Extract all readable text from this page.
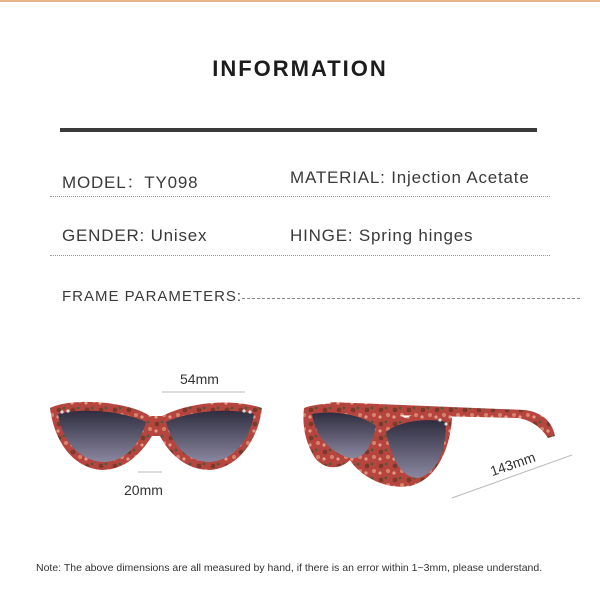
INFORMATION
MODEL：TY098	MATERIAL: Injection Acetate
GENDER: Unisex	HINGE: Spring hinges
FRAME PARAMETERS:
54mm
20mm
143mm
Note: The above dimensions are all measured by hand, if there is an error within 1~3mm, please understand.
